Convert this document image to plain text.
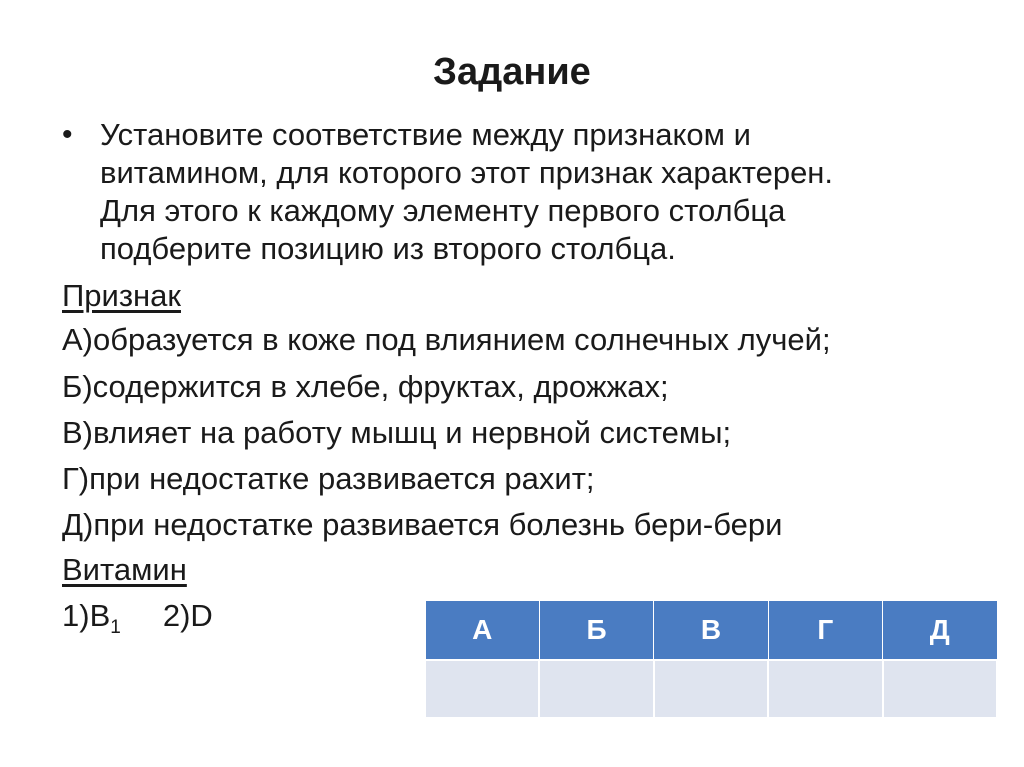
Задание
• Установите соответствие между признаком и
витамином, для которого этот признак характерен.
Для этого к каждому элементу первого столбца
подберите позицию из второго столбца.
Признак
А)образуется в коже под влиянием солнечных лучей;
Б)содержится в хлебе, фруктах, дрожжах;
В)влияет на работу мышц и нервной системы;
Г)при недостатке развивается рахит;
Д)при недостатке развивается болезнь бери-бери
Витамин
$1)B_1$ 2)D	А	Б	В	Г	Д
